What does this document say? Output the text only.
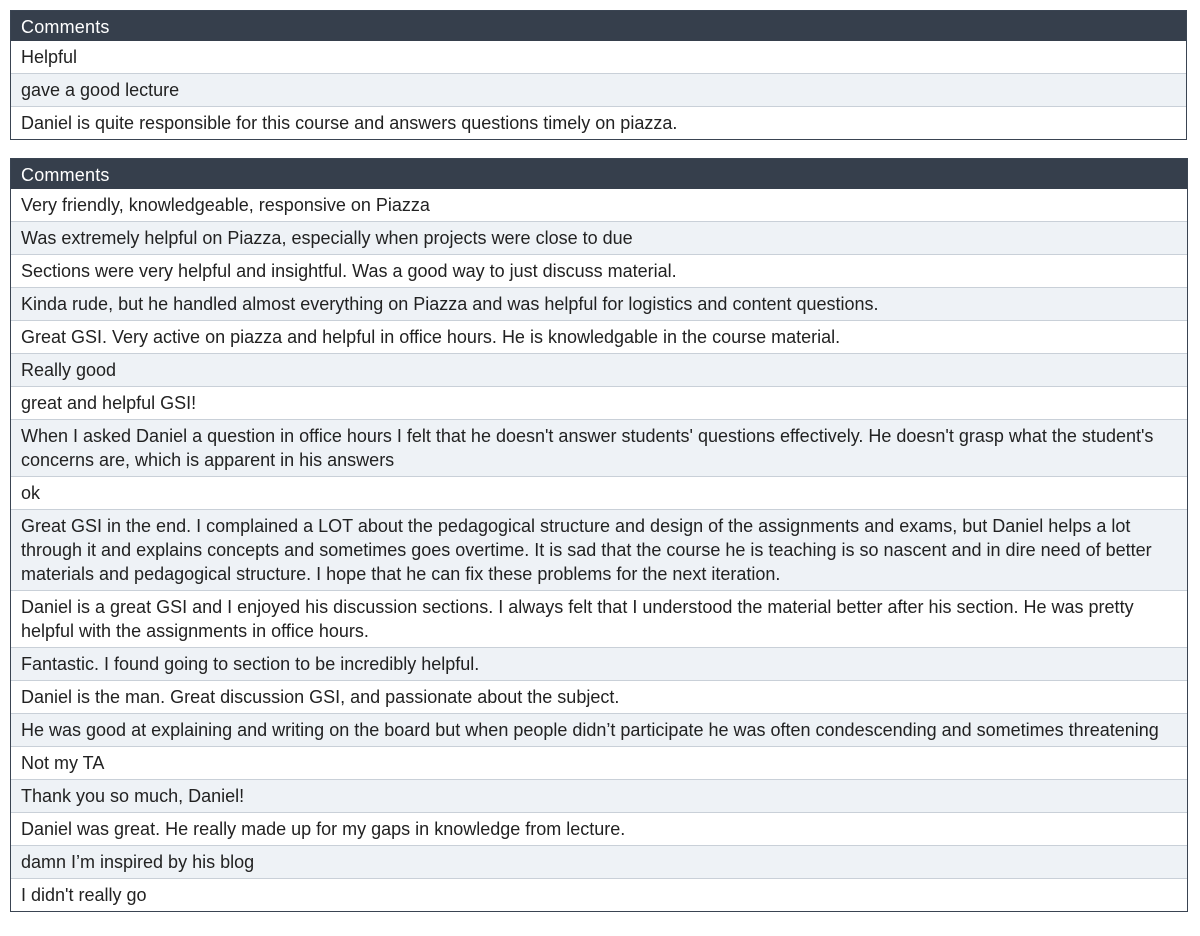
Comments
Helpful
gave a good lecture
Daniel is quite responsible for this course and answers questions timely on piazza.
Comments
Very friendly, knowledgeable, responsive on Piazza
Was extremely helpful on Piazza, especially when projects were close to due
Sections were very helpful and insightful. Was a good way to just discuss material.
Kinda rude, but he handled almost everything on Piazza and was helpful for logistics and content questions.
Great GSI. Very active on piazza and helpful in office hours. He is knowledgable in the course material.
Really good
great and helpful GSI!
When I asked Daniel a question in office hours I felt that he doesn't answer students' questions effectively. He doesn't grasp what the student's concerns are, which is apparent in his answers
ok
Great GSI in the end. I complained a LOT about the pedagogical structure and design of the assignments and exams, but Daniel helps a lot through it and explains concepts and sometimes goes overtime. It is sad that the course he is teaching is so nascent and in dire need of better materials and pedagogical structure. I hope that he can fix these problems for the next iteration.
Daniel is a great GSI and I enjoyed his discussion sections. I always felt that I understood the material better after his section. He was pretty helpful with the assignments in office hours.
Fantastic. I found going to section to be incredibly helpful.
Daniel is the man. Great discussion GSI, and passionate about the subject.
He was good at explaining and writing on the board but when people didn’t participate he was often condescending and sometimes threatening
Not my TA
Thank you so much, Daniel!
Daniel was great. He really made up for my gaps in knowledge from lecture.
damn I’m inspired by his blog
I didn't really go
